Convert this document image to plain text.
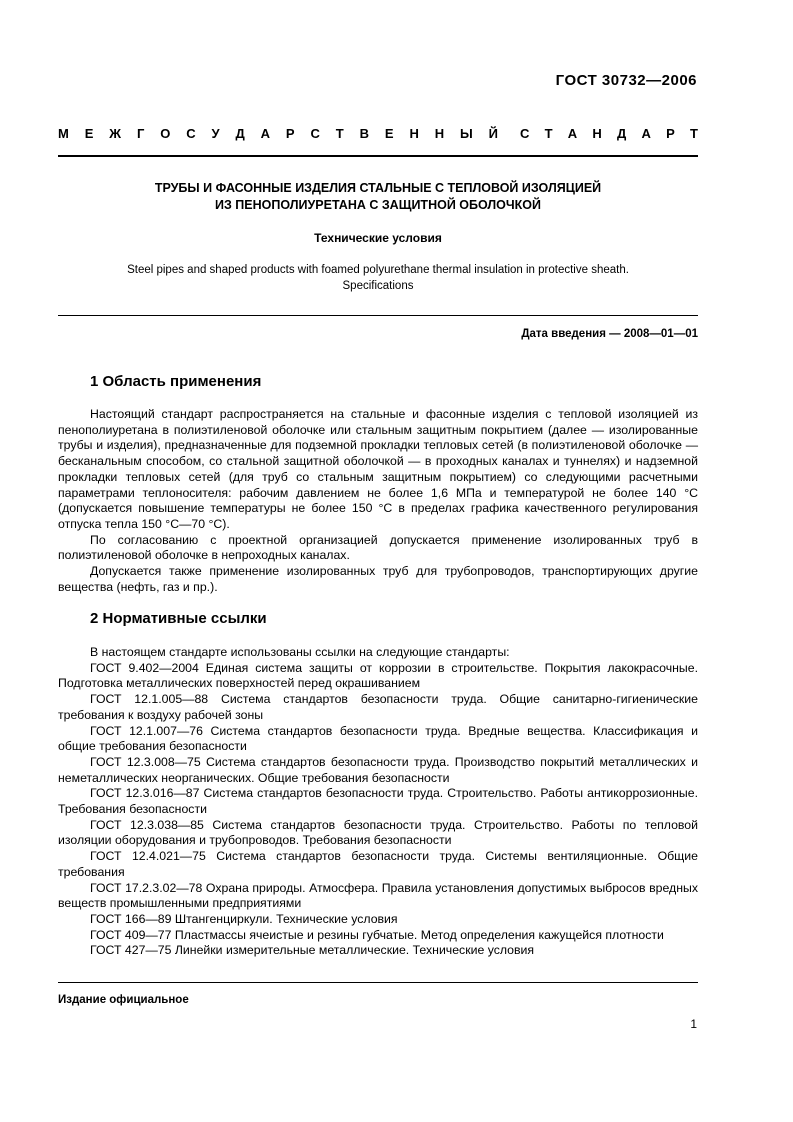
ГОСТ 30732—2006
М Е Ж Г О С У Д А Р С Т В Е Н Н Ы Й С Т А Н Д А Р Т
ТРУБЫ И ФАСОННЫЕ ИЗДЕЛИЯ СТАЛЬНЫЕ С ТЕПЛОВОЙ ИЗОЛЯЦИЕЙ
ИЗ ПЕНОПОЛИУРЕТАНА С ЗАЩИТНОЙ ОБОЛОЧКОЙ
Технические условия
Steel pipes and shaped products with foamed polyurethane thermal insulation in protective sheath.
Specifications
Дата введения — 2008—01—01
1 Область применения

Настоящий стандарт распространяется на стальные и фасонные изделия с тепловой изоляцией из пенополиуретана в полиэтиленовой оболочке или стальным защитным покрытием (далее — изолированные трубы и изделия), предназначенные для подземной прокладки тепловых сетей (в полиэтиленовой оболочке — бесканальным способом, со стальной защитной оболочкой — в проходных каналах и туннелях) и надземной прокладки тепловых сетей (для труб со стальным защитным покрытием) со следующими расчетными параметрами теплоносителя: рабочим давлением не более 1,6 МПа и температурой не более 140 °С (допускается повышение температуры не более 150 °С в пределах графика качественного регулирования отпуска тепла 150 °С—70 °С).

По согласованию с проектной организацией допускается применение изолированных труб в полиэтиленовой оболочке в непроходных каналах.

Допускается также применение изолированных труб для трубопроводов, транспортирующих другие вещества (нефть, газ и пр.).

2 Нормативные ссылки

В настоящем стандарте использованы ссылки на следующие стандарты:

ГОСТ 9.402—2004 Единая система защиты от коррозии в строительстве. Покрытия лакокрасочные. Подготовка металлических поверхностей перед окрашиванием

ГОСТ 12.1.005—88 Система стандартов безопасности труда. Общие санитарно-гигиенические требования к воздуху рабочей зоны

ГОСТ 12.1.007—76 Система стандартов безопасности труда. Вредные вещества. Классификация и общие требования безопасности

ГОСТ 12.3.008—75 Система стандартов безопасности труда. Производство покрытий металлических и неметаллических неорганических. Общие требования безопасности

ГОСТ 12.3.016—87 Система стандартов безопасности труда. Строительство. Работы антикоррозионные. Требования безопасности

ГОСТ 12.3.038—85 Система стандартов безопасности труда. Строительство. Работы по тепловой изоляции оборудования и трубопроводов. Требования безопасности

ГОСТ 12.4.021—75 Система стандартов безопасности труда. Системы вентиляционные. Общие требования

ГОСТ 17.2.3.02—78 Охрана природы. Атмосфера. Правила установления допустимых выбросов вредных веществ промышленными предприятиями

ГОСТ 166—89 Штангенциркули. Технические условия

ГОСТ 409—77 Пластмассы ячеистые и резины губчатые. Метод определения кажущейся плотности

ГОСТ 427—75 Линейки измерительные металлические. Технические условия

Издание официальное
1
